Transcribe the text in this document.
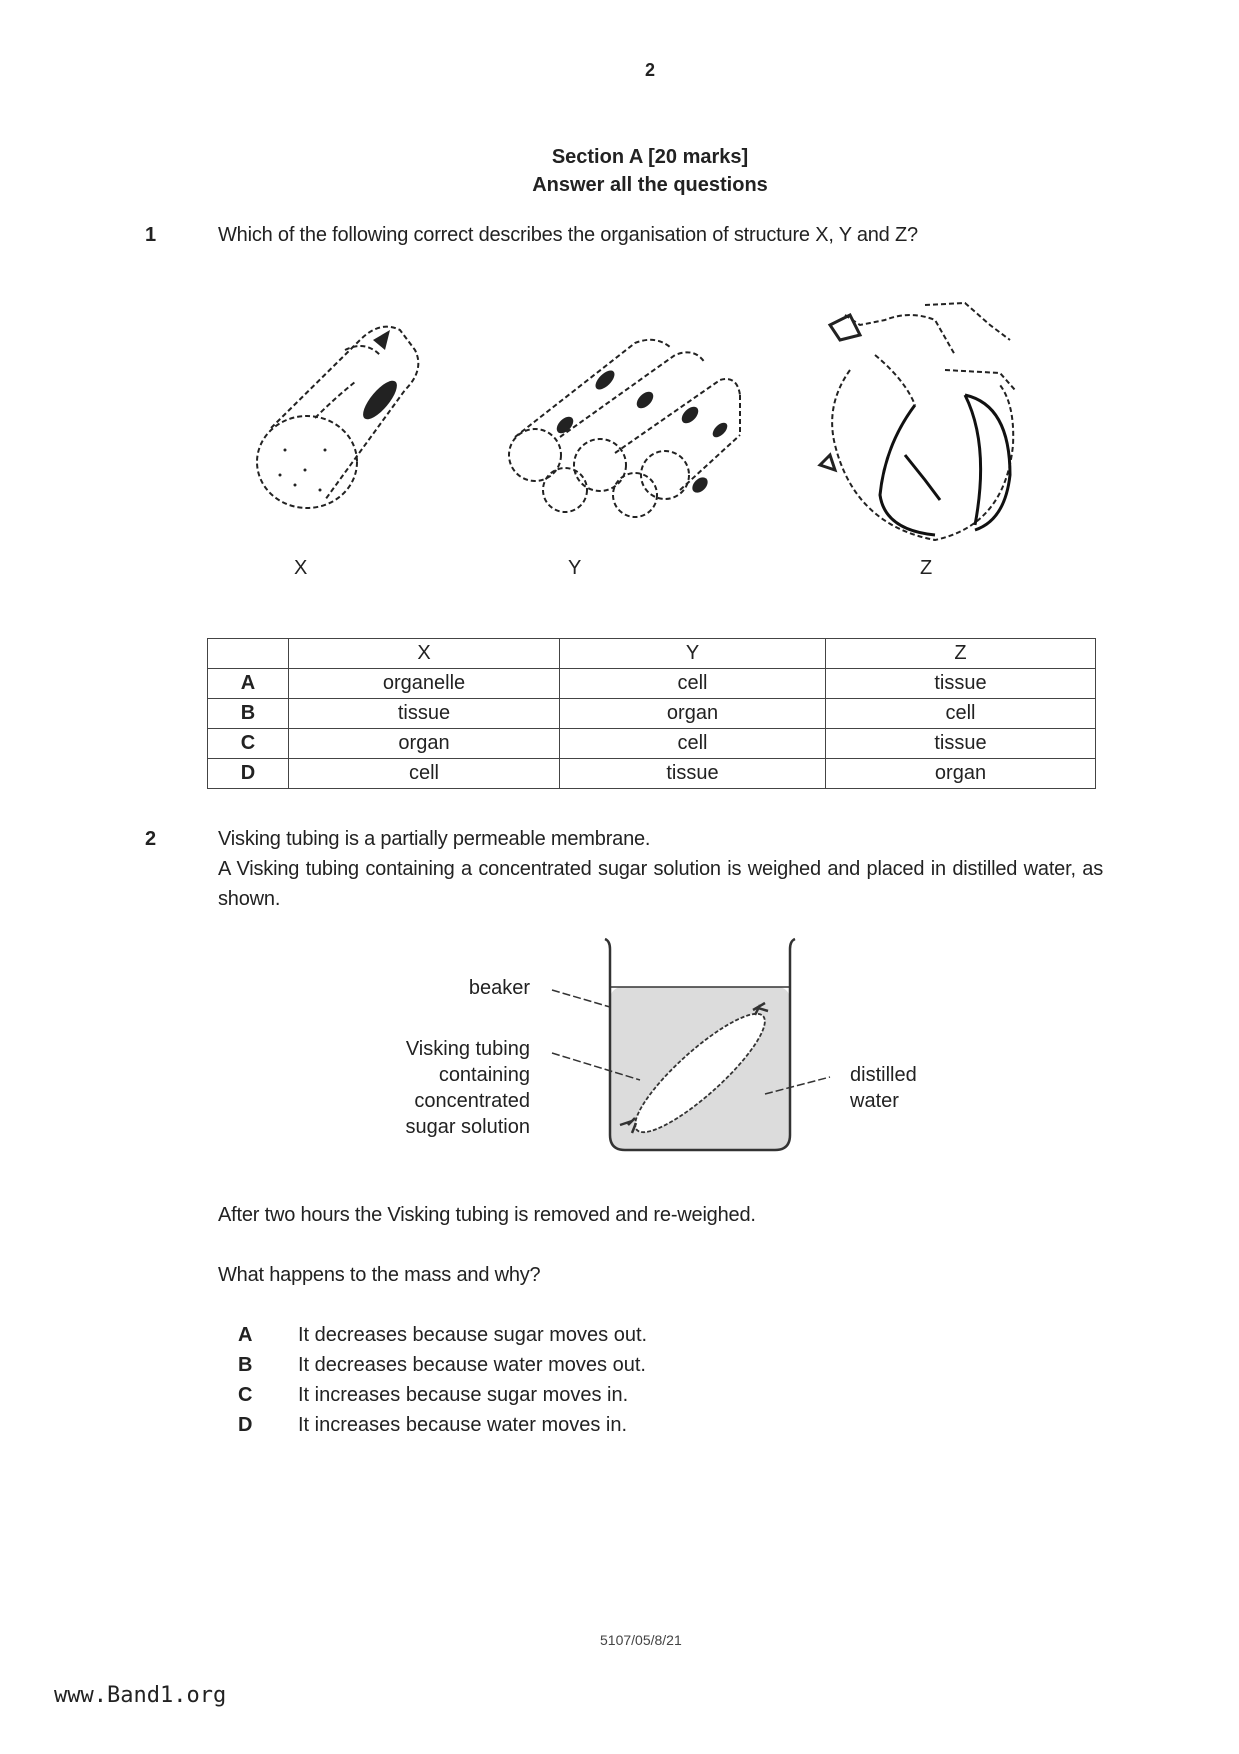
2
Section A [20 marks]
Answer all the questions
1	Which of the following correct describes the organisation of structure X, Y and Z?
X	Y	Z
	X	Y	Z
A	organelle	cell	tissue
B	tissue	organ	cell
C	organ	cell	tissue
D	cell	tissue	organ
2	Visking tubing is a partially permeable membrane.
A Visking tubing containing a concentrated sugar solution is weighed and placed in distilled water, as shown.
beaker
Visking tubing
containing
concentrated
sugar solution
distilled
water
After two hours the Visking tubing is removed and re-weighed.
What happens to the mass and why?
A It decreases because sugar moves out.
B It decreases because water moves out.
C It increases because sugar moves in.
D It increases because water moves in.
5107/05/8/21
www.Band1.org
